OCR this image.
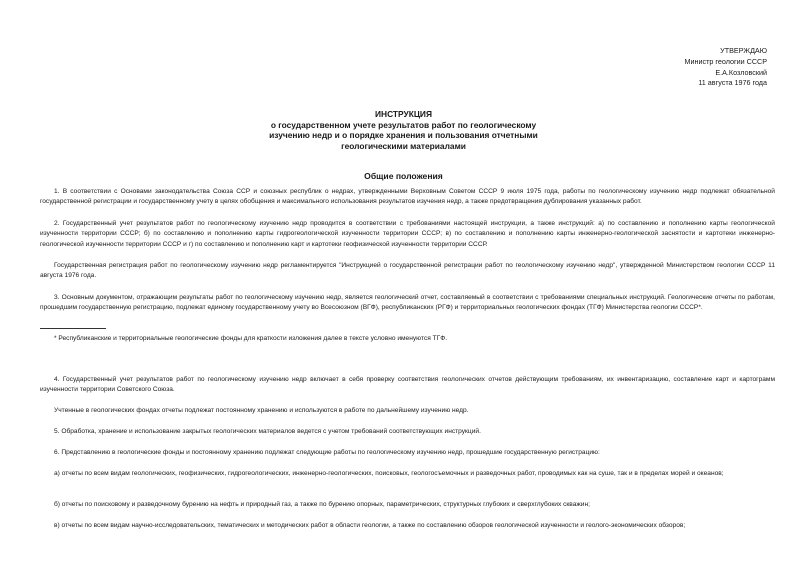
УТВЕРЖДАЮ
Министр геологии СССР
Е.А.Козловский
11 августа 1976 года
ИНСТРУКЦИЯ
о государственном учете результатов работ по геологическому
изучению недр и о порядке хранения и пользования отчетными
геологическими материалами
Общие положения

1. В соответствии с Основами законодательства Союза ССР и союзных республик о недрах, утвержденными Верховным Советом СССР 9 июля 1975 года, работы по геологическому изучению недр подлежат обязательной государственной регистрации и государственному учету в целях обобщения и максимального использования результатов изучения недр, а также предотвращения дублирования указанных работ.

2. Государственный учет результатов работ по геологическому изучению недр проводится в соответствии с требованиями настоящей инструкции, а также инструкций: а) по составлению и пополнению карты геологической изученности территории СССР; б) по составлению и пополнению карты гидрогеологической изученности территории СССР; в) по составлению и пополнению карты инженерно-геологической заснятости и картотеки инженерно-геологической изученности территории СССР и г) по составлению и пополнению карт и картотеки геофизической изученности территории СССР.

Государственная регистрация работ по геологическому изучению недр регламентируется "Инструкцией о государственной регистрации работ по геологическому изучению недр", утвержденной Министерством геологии СССР 11 августа 1976 года.

3. Основным документом, отражающим результаты работ по геологическому изучению недр, является геологический отчет, составляемый в соответствии с требованиями специальных инструкций. Геологические отчеты по работам, прошедшим государственную регистрацию, подлежат единому государственному учету во Всесоюзном (ВГФ), республиканских (РГФ) и территориальных геологических фондах (ТГФ) Министерства геологии СССР*.

* Республиканские и территориальные геологические фонды для краткости изложения далее в тексте условно именуются ТГФ.

4. Государственный учет результатов работ по геологическому изучению недр включает в себя проверку соответствия геологических отчетов действующим требованиям, их инвентаризацию, составление карт и картограмм изученности территории Советского Союза.

Учтенные в геологических фондах отчеты подлежат постоянному хранению и используются в работе по дальнейшему изучению недр.

5. Обработка, хранение и использование закрытых геологических материалов ведется с учетом требований соответствующих инструкций.

6. Представлению в геологические фонды и постоянному хранению подлежат следующие работы по геологическому изучению недр, прошедшие государственную регистрацию:

а) отчеты по всем видам геологических, геофизических, гидрогеологических, инженерно-геологических, поисковых, геологосъемочных и разведочных работ, проводимых как на суше, так и в пределах морей и океанов;

б) отчеты по поисковому и разведочному бурению на нефть и природный газ, а также по бурению опорных, параметрических, структурных глубоких и сверхглубоких скважин;

в) отчеты по всем видам научно-исследовательских, тематических и методических работ в области геологии, а также по составлению обзоров геологической изученности и геолого-экономических обзоров;
